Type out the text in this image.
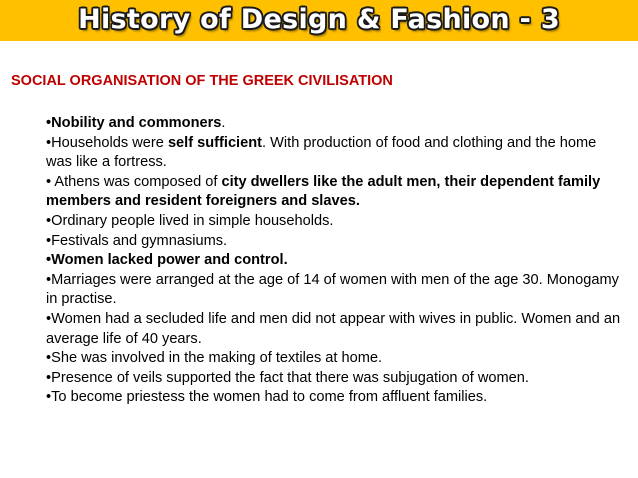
History of Design & Fashion - 3
SOCIAL ORGANISATION OF THE GREEK CIVILISATION
•Nobility and commoners.
•Households were self sufficient. With production of food and clothing and the home was like a fortress.
• Athens was composed of city dwellers like the adult men, their dependent family members and resident foreigners and slaves.
•Ordinary people lived in simple households.
•Festivals and gymnasiums.
•Women lacked power and control.
•Marriages were arranged at the age of 14 of women with men of the age 30. Monogamy in practise.
•Women had a secluded life and men did not appear with wives in public. Women and an average life of 40 years.
•She was involved in the making of textiles at home.
•Presence of veils supported the fact that there was subjugation of women.
•To become priestess the women had to come from affluent families.
